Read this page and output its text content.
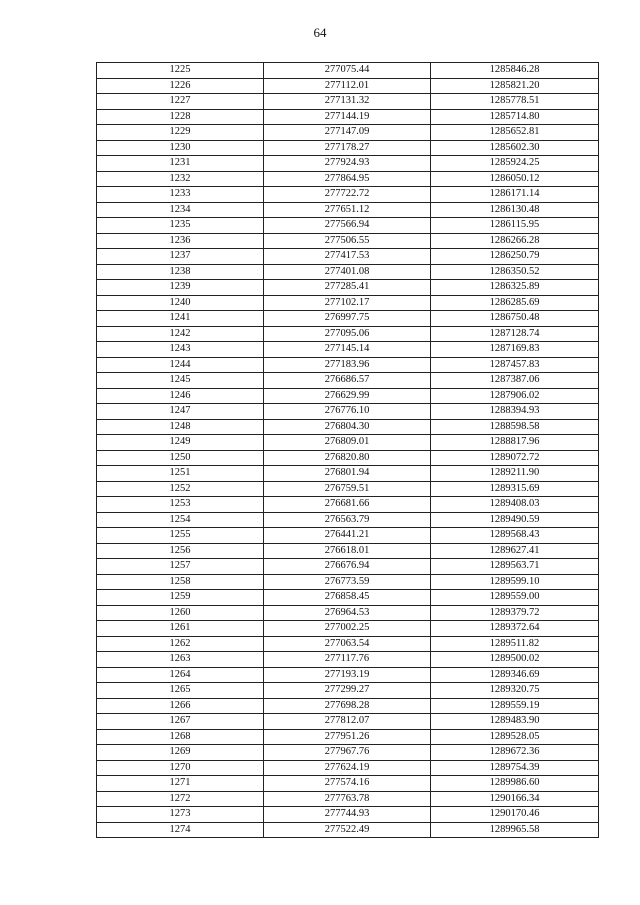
64
1225	277075.44	1285846.28
1226	277112.01	1285821.20
1227	277131.32	1285778.51
1228	277144.19	1285714.80
1229	277147.09	1285652.81
1230	277178.27	1285602.30
1231	277924.93	1285924.25
1232	277864.95	1286050.12
1233	277722.72	1286171.14
1234	277651.12	1286130.48
1235	277566.94	1286115.95
1236	277506.55	1286266.28
1237	277417.53	1286250.79
1238	277401.08	1286350.52
1239	277285.41	1286325.89
1240	277102.17	1286285.69
1241	276997.75	1286750.48
1242	277095.06	1287128.74
1243	277145.14	1287169.83
1244	277183.96	1287457.83
1245	276686.57	1287387.06
1246	276629.99	1287906.02
1247	276776.10	1288394.93
1248	276804.30	1288598.58
1249	276809.01	1288817.96
1250	276820.80	1289072.72
1251	276801.94	1289211.90
1252	276759.51	1289315.69
1253	276681.66	1289408.03
1254	276563.79	1289490.59
1255	276441.21	1289568.43
1256	276618.01	1289627.41
1257	276676.94	1289563.71
1258	276773.59	1289599.10
1259	276858.45	1289559.00
1260	276964.53	1289379.72
1261	277002.25	1289372.64
1262	277063.54	1289511.82
1263	277117.76	1289500.02
1264	277193.19	1289346.69
1265	277299.27	1289320.75
1266	277698.28	1289559.19
1267	277812.07	1289483.90
1268	277951.26	1289528.05
1269	277967.76	1289672.36
1270	277624.19	1289754.39
1271	277574.16	1289986.60
1272	277763.78	1290166.34
1273	277744.93	1290170.46
1274	277522.49	1289965.58
